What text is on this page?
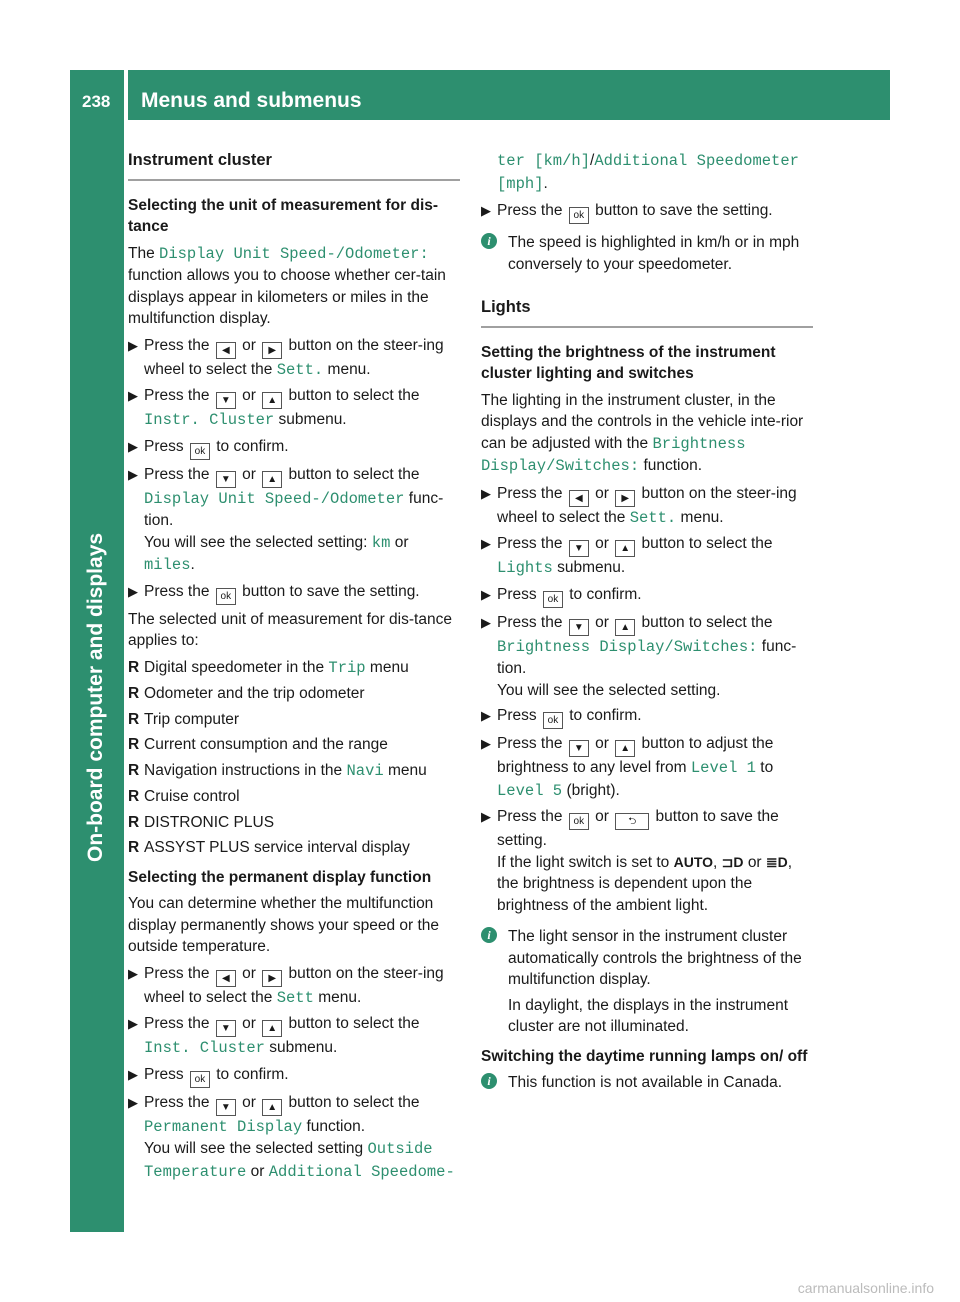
238 Menus and submenus
On-board computer and displays
Instrument cluster
Selecting the unit of measurement for dis-tance
The Display Unit Speed-/Odometer: function allows you to choose whether cer-tain displays appear in kilometers or miles in the multifunction display.
▶ Press the ◀ or ▶ button on the steer-ing wheel to select the Sett. menu.
▶ Press the ▼ or ▲ button to select the Instr. Cluster submenu.
▶ Press ok to confirm.
▶ Press the ▼ or ▲ button to select the Display Unit Speed-/Odometer func-tion.
You will see the selected setting: km or miles.
▶ Press the ok button to save the setting.
The selected unit of measurement for dis-tance applies to:
R Digital speedometer in the Trip menu
R Odometer and the trip odometer
R Trip computer
R Current consumption and the range
R Navigation instructions in the Navi menu
R Cruise control
R DISTRONIC PLUS
R ASSYST PLUS service interval display
Selecting the permanent display function
You can determine whether the multifunction display permanently shows your speed or the outside temperature.
▶ Press the ◀ or ▶ button on the steer-ing wheel to select the Sett menu.
▶ Press the ▼ or ▲ button to select the Inst. Cluster submenu.
▶ Press ok to confirm.
▶ Press the ▼ or ▲ button to select the Permanent Display function.
You will see the selected setting Outside Temperature or Additional Speedome-
ter [km/h]/Additional Speedometer [mph].
▶ Press the ok button to save the setting.
i	The speed is highlighted in km/h or in mph conversely to your speedometer.
Lights
Setting the brightness of the instrument cluster lighting and switches
The lighting in the instrument cluster, in the displays and the controls in the vehicle inte-rior can be adjusted with the Brightness Display/Switches: function.
▶ Press the ◀ or ▶ button on the steer-ing wheel to select the Sett. menu.
▶ Press the ▼ or ▲ button to select the Lights submenu.
▶ Press ok to confirm.
▶ Press the ▼ or ▲ button to select the Brightness Display/Switches: func-tion.
You will see the selected setting.
▶ Press ok to confirm.
▶ Press the ▼ or ▲ button to adjust the brightness to any level from Level 1 to Level 5 (bright).
▶ Press the ok or ⮌ button to save the setting.
If the light switch is set to AUTO, ⊐D or ≣D, the brightness is dependent upon the brightness of the ambient light.
i	The light sensor in the instrument cluster automatically controls the brightness of the multifunction display.
In daylight, the displays in the instrument cluster are not illuminated.
Switching the daytime running lamps on/ off
i	This function is not available in Canada.
carmanualsonline.info
